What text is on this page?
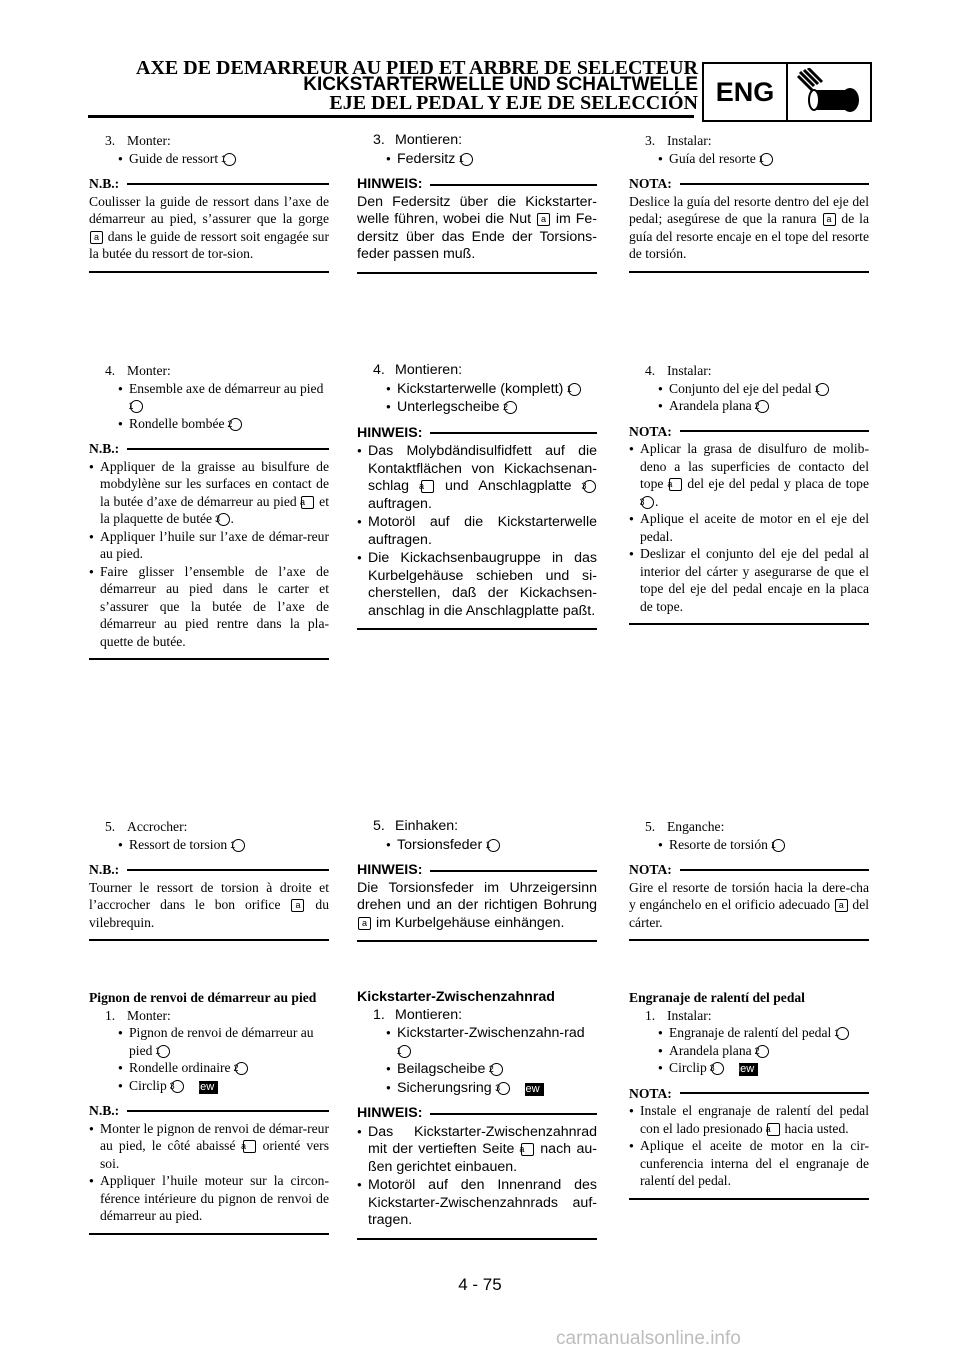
AXE DE DEMARREUR AU PIED ET ARBRE DE SELECTEUR
KICKSTARTERWELLE UND SCHALTWELLE
EJE DEL PEDAL Y EJE DE SELECCIÓN ENG
3. Monter:
● Guide de ressort 1
N.B.:

Coulisser la guide de ressort dans l’axe de démarreur au pied, s’assurer que la gorge a dans le guide de ressort soit engagée sur la butée du ressort de tor-sion.

4. Monter:
● Ensemble axe de démarreur au pied 1
● Rondelle bombée 2
N.B.:
● Appliquer de la graisse au bisulfure de mobdylène sur les surfaces en contact de la butée d’axe de démarreur au pied a et la plaquette de butée 3 .
● Appliquer l’huile sur l’axe de démar-reur au pied.
● Faire glisser l’ensemble de l’axe de démarreur au pied dans le carter et s’assurer que la butée de l’axe de démarreur au pied rentre dans la pla-quette de butée.
5. Accrocher:
● Ressort de torsion 1
N.B.:

Tourner le ressort de torsion à droite et l’accrocher dans le bon orifice a du vilebrequin.

Pignon de renvoi de démarreur au pied
1. Monter:
● Pignon de renvoi de démarreur au pied 1
● Rondelle ordinaire 2
● Circlip 3 New
N.B.:
● Monter le pignon de renvoi de démar-reur au pied, le côté abaissé a orienté vers soi.
● Appliquer l’huile moteur sur la circon-férence intérieure du pignon de renvoi de démarreur au pied.
3. Montieren:
● Federsitz 1
HINWEIS:

Den Federsitz über die Kickstarter-welle führen, wobei die Nut a im Fe-dersitz über das Ende der Torsions-feder passen muß.

4. Montieren:
● Kickstarterwelle (komplett) 1
● Unterlegscheibe 2
HINWEIS:
● Das Molybdändisulfidfett auf die Kontaktflächen von Kickachsenan-schlag a und Anschlagplatte 3 auftragen.
● Motoröl auf die Kickstarterwelle auftragen.
● Die Kickachsenbaugruppe in das Kurbelgehäuse schieben und si-cherstellen, daß der Kickachsen-anschlag in die Anschlagplatte paßt.
5. Einhaken:
● Torsionsfeder 1
HINWEIS:

Die Torsionsfeder im Uhrzeigersinn drehen und an der richtigen Bohrung a im Kurbelgehäuse einhängen.

Kickstarter-Zwischenzahnrad
1. Montieren:
● Kickstarter-Zwischenzahn-rad 1
● Beilagscheibe 2
● Sicherungsring 3 New
HINWEIS:
● Das Kickstarter-Zwischenzahnrad mit der vertieften Seite a nach au-ßen gerichtet einbauen.
● Motoröl auf den Innenrand des Kickstarter-Zwischenzahnrads auf-tragen.
3. Instalar:
● Guía del resorte 1
NOTA:

Deslice la guía del resorte dentro del eje del pedal; asegúrese de que la ranura a de la guía del resorte encaje en el tope del resorte de torsión.

4. Instalar:
● Conjunto del eje del pedal 1
● Arandela plana 2
NOTA:
● Aplicar la grasa de disulfuro de molib-deno a las superficies de contacto del tope a del eje del pedal y placa de tope 3 .
● Aplique el aceite de motor en el eje del pedal.
● Deslizar el conjunto del eje del pedal al interior del cárter y asegurarse de que el tope del eje del pedal encaje en la placa de tope.
5. Enganche:
● Resorte de torsión 1
NOTA:

Gire el resorte de torsión hacia la dere-cha y engánchelo en el orificio adecuado a del cárter.

Engranaje de ralentí del pedal
1. Instalar:
● Engranaje de ralentí del pedal 1
● Arandela plana 2
● Circlip 3 New
NOTA:
● Instale el engranaje de ralentí del pedal con el lado presionado a hacia usted.
● Aplique el aceite de motor en la cir-cunferencia interna del el engranaje de ralentí del pedal.
4 - 75
carmanualsonline.info
